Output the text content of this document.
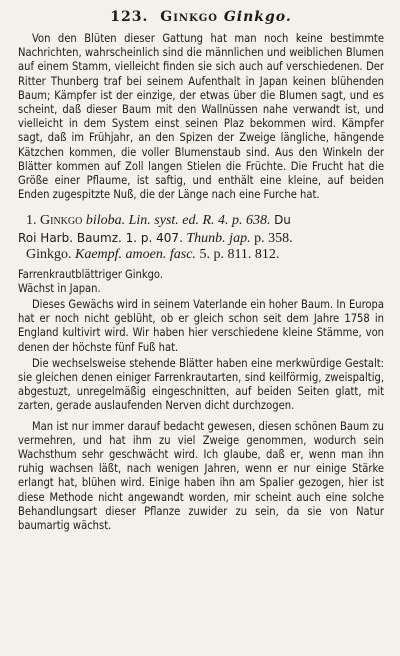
123. Ginkgo Ginkgo.

Von den Blüten dieser Gattung hat man noch keine bestimmte Nachrichten, wahrscheinlich sind die männlichen und weiblichen Blumen auf einem Stamm, vielleicht finden sie sich auch auf verschiedenen. Der Ritter Thunberg traf bei seinem Aufenthalt in Japan keinen blühenden Baum; Kämpfer ist der einzige, der etwas über die Blumen sagt, und es scheint, daß dieser Baum mit den Wallnüssen nahe verwandt ist, und vielleicht in dem System einst seinen Plaz bekommen wird. Kämpfer sagt, daß im Frühjahr, an den Spizen der Zweige längliche, hängende Kätzchen kommen, die voller Blumenstaub sind. Aus den Winkeln der Blätter kommen auf Zoll langen Stielen die Früchte. Die Frucht hat die Größe einer Pflaume, ist saftig, und enthält eine kleine, auf beiden Enden zugespitzte Nuß, die der Länge nach eine Furche hat.

1. Ginkgo biloba. Lin. syst. ed. R. 4. p. 638. Du

Roi Harb. Baumz. 1. p. 407. Thunb. jap. p. 358.

Ginkgo. Kaempf. amoen. fasc. 5. p. 811. 812.

Farrenkrautblättriger Ginkgo.

Wächst in Japan.

Dieses Gewächs wird in seinem Vaterlande ein hoher Baum. In Europa hat er noch nicht geblüht, ob er gleich schon seit dem Jahre 1758 in England kultivirt wird. Wir haben hier verschiedene kleine Stämme, von denen der höchste fünf Fuß hat.

Die wechselsweise stehende Blätter haben eine merkwürdige Gestalt: sie gleichen denen einiger Farrenkrautarten, sind keilförmig, zweispaltig, abgestuzt, unregelmäßig eingeschnitten, auf beiden Seiten glatt, mit zarten, gerade auslaufenden Nerven dicht durchzogen.

Man ist nur immer darauf bedacht gewesen, diesen schönen Baum zu vermehren, und hat ihm zu viel Zweige genommen, wodurch sein Wachsthum sehr geschwächt wird. Ich glaube, daß er, wenn man ihn ruhig wachsen läßt, nach wenigen Jahren, wenn er nur einige Stärke erlangt hat, blühen wird. Einige haben ihn am Spalier gezogen, hier ist diese Methode nicht angewandt worden, mir scheint auch eine solche Behandlungsart dieser Pflanze zuwider zu sein, da sie von Natur baumartig wächst.
